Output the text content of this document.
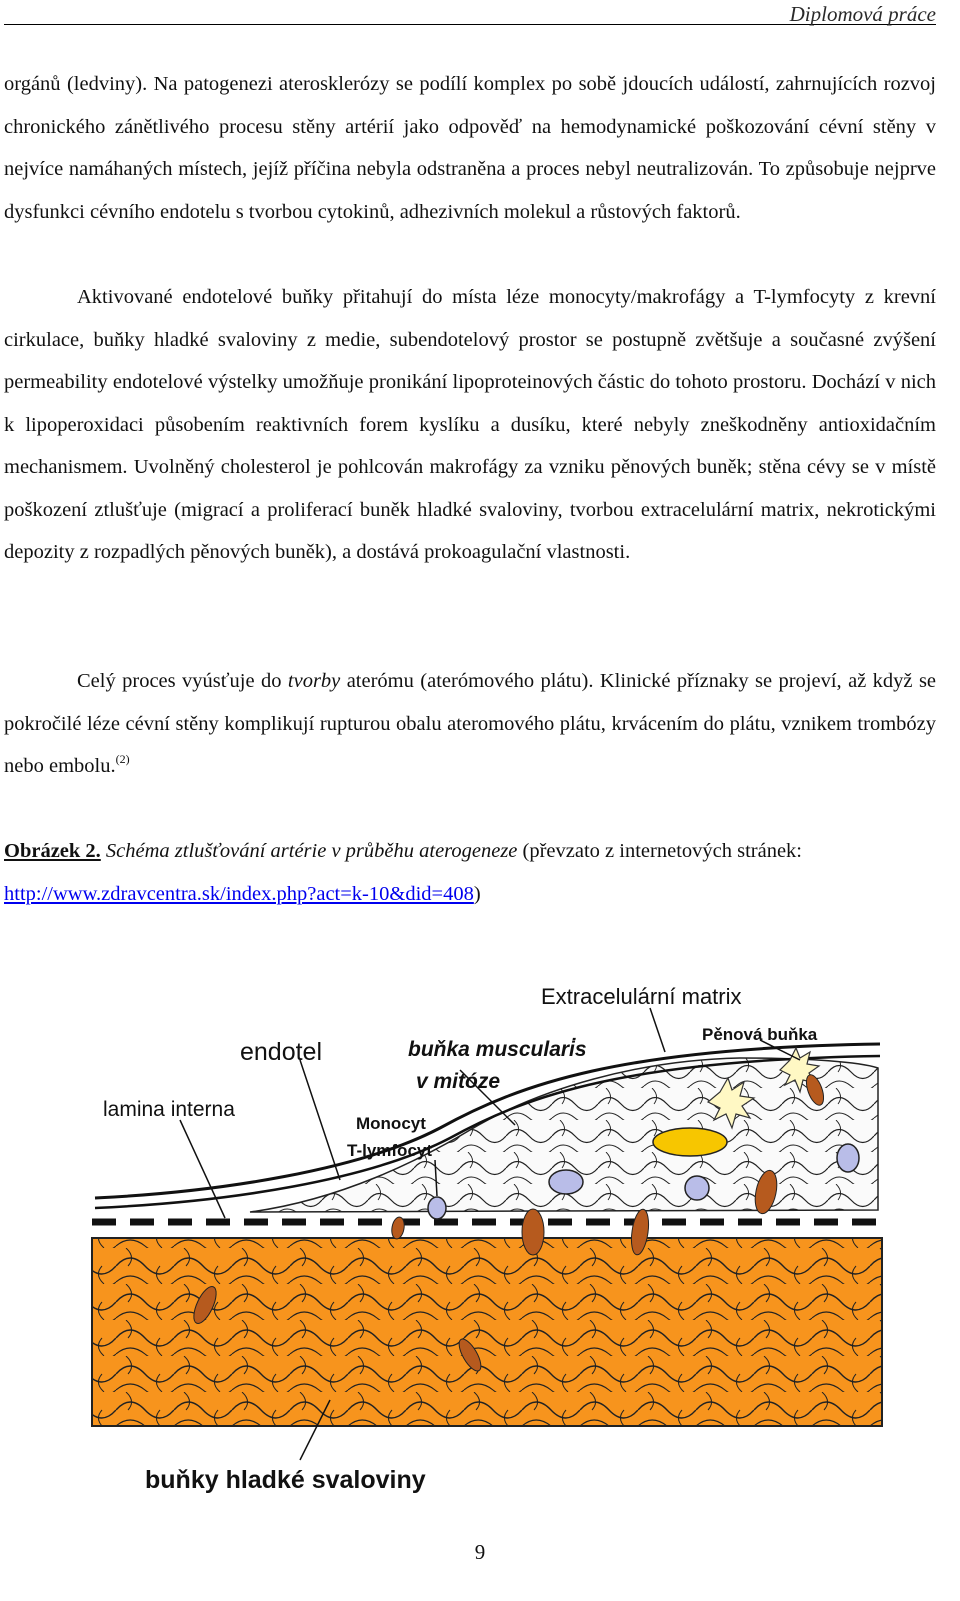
Diplomová práce

orgánů (ledviny). Na patogenezi aterosklerózy se podílí komplex po sobě jdoucích událostí, zahrnujících rozvoj chronického zánětlivého procesu stěny artérií jako odpověď na hemodynamické poškozování cévní stěny v nejvíce namáhaných místech, jejíž příčina nebyla odstraněna a proces nebyl neutralizován. To způsobuje nejprve dysfunkci cévního endotelu s tvorbou cytokinů, adhezivních molekul a růstových faktorů.

Aktivované endotelové buňky přitahují do místa léze monocyty/makrofágy a T-lymfocyty z krevní cirkulace, buňky hladké svaloviny z medie, subendotelový prostor se postupně zvětšuje a současné zvýšení permeability endotelové výstelky umožňuje pronikání lipoproteinových částic do tohoto prostoru. Dochází v nich k lipoperoxidaci působením reaktivních forem kyslíku a dusíku, které nebyly zneškodněny antioxidačním mechanismem. Uvolněný cholesterol je pohlcován makrofágy za vzniku pěnových buněk; stěna cévy se v místě poškození ztlušťuje (migrací a proliferací buněk hladké svaloviny, tvorbou extracelulární matrix, nekrotickými depozity z rozpadlých pěnových buněk), a dostává prokoagulační vlastnosti.

Celý proces vyúsťuje do tvorby aterómu (aterómového plátu). Klinické příznaky se projeví, až když se pokročilé léze cévní stěny komplikují rupturou obalu ateromového plátu, krvácením do plátu, vznikem trombózy nebo embolu.$^{(2)}$

Obrázek 2. Schéma ztlušťování artérie v průběhu aterogeneze (převzato z internetových stránek: http://www.zdravcentra.sk/index.php?act=k-10&did=408)

Extracelulární matrix
Pěnová buňka
endotel	buňka musculari̇s
v mitóze
lamina interna
Monocyt
T-lymfocyt
buňky hladké svaloviny
9
